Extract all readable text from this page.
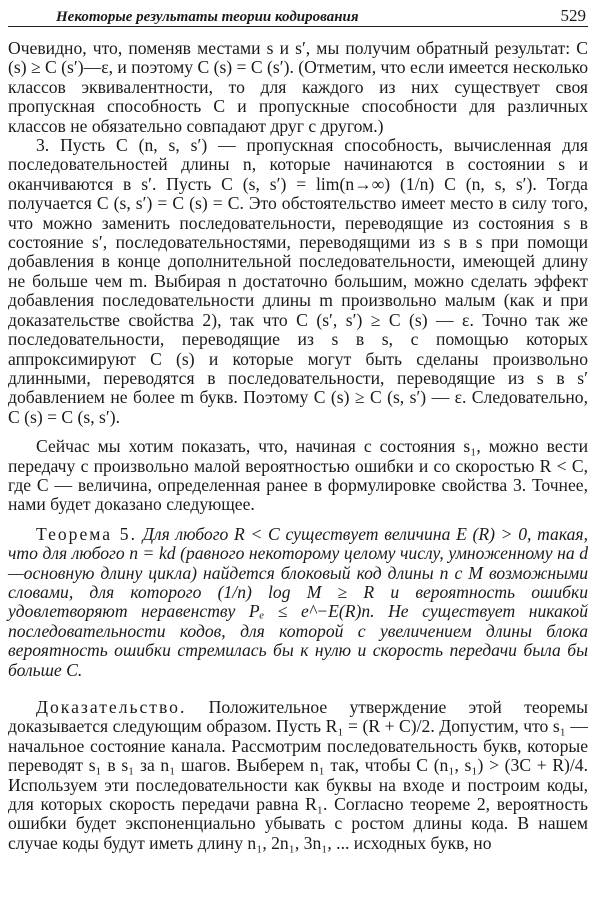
Некоторые результаты теории кодирования	529

Очевидно, что, поменяв местами s и s′, мы получим обратный результат: C (s) ≥ C (s′)—ε, и поэтому C (s) = C (s′). (Отметим, что если имеется несколько классов эквивалентности, то для каждого из них существует своя пропускная способность C и пропускные способности для различных классов не обязательно совпадают друг с другом.)

3. Пусть C (n, s, s′) — пропускная способность, вычисленная для последовательностей длины n, которые начинаются в состоянии s и оканчиваются в s′. Пусть C (s, s′) = lim(n→∞) (1/n) C (n, s, s′). Тогда получается C (s, s′) = C (s) = C. Это обстоятельство имеет место в силу того, что можно заменить последовательности, переводящие из состояния s в состояние s′, последовательностями, переводящими из s в s при помощи добавления в конце дополнительной последовательности, имеющей длину не больше чем m. Выбирая n достаточно большим, можно сделать эффект добавления последовательности длины m произвольно малым (как и при доказательстве свойства 2), так что C (s′, s′) ≥ C (s) — ε. Точно так же последовательности, переводящие из s в s, с помощью которых аппроксимируют C (s) и которые могут быть сделаны произвольно длинными, переводятся в последовательности, переводящие из s в s′ добавлением не более m букв. Поэтому C (s) ≥ C (s, s′) — ε. Следовательно, C (s) = C (s, s′).

Сейчас мы хотим показать, что, начиная с состояния s₁, можно вести передачу с произвольно малой вероятностью ошибки и со скоростью R < C, где C — величина, определенная ранее в формулировке свойства 3. Точнее, нами будет доказано следующее.

Теорема 5. Для любого R < C существует величина E (R) > 0, такая, что для любого n = kd (равного некоторому целому числу, умноженному на d—основную длину цикла) найдется блоковый код длины n с M возможными словами, для которого (1/n) log M ≥ R и вероятность ошибки удовлетворяют неравенству Pₑ ≤ e^−E(R)n. Не существует никакой последовательности кодов, для которой с увеличением длины блока вероятность ошибки стремилась бы к нулю и скорость передачи была бы больше C.

Доказательство. Положительное утверждение этой теоремы доказывается следующим образом. Пусть R₁ = (R + C)/2. Допустим, что s₁ — начальное состояние канала. Рассмотрим последовательность букв, которые переводят s₁ в s₁ за n₁ шагов. Выберем n₁ так, чтобы C (n₁, s₁) > (3C + R)/4. Используем эти последовательности как буквы на входе и построим коды, для которых скорость передачи равна R₁. Согласно теореме 2, вероятность ошибки будет экспоненциально убывать с ростом длины кода. В нашем случае коды будут иметь длину n₁, 2n₁, 3n₁, ... исходных букв, но
